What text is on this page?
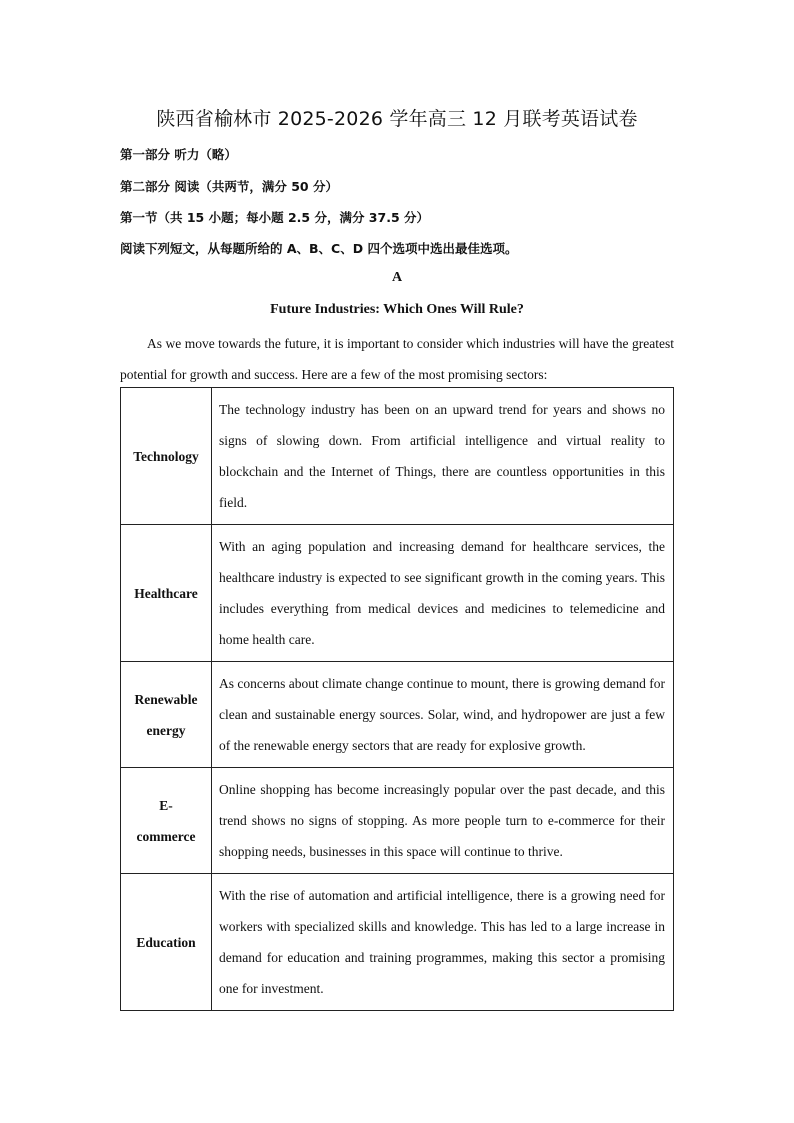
陕西省榆林市 2025-2026 学年高三 12 月联考英语试卷
第一部分 听力（略）
第二部分 阅读（共两节，满分 50 分）
第一节（共 15 小题；每小题 2.5 分，满分 37.5 分）
阅读下列短文，从每题所给的 A、B、C、D 四个选项中选出最佳选项。
A
Future Industries: Which Ones Will Rule?
As we move towards the future, it is important to consider which industries will have the greatest potential for growth and success. Here are a few of the most promising sectors:
Technology	The technology industry has been on an upward trend for years and shows no signs of slowing down. From artificial intelligence and virtual reality to blockchain and the Internet of Things, there are countless opportunities in this field.
Healthcare	With an aging population and increasing demand for healthcare services, the healthcare industry is expected to see significant growth in the coming years. This includes everything from medical devices and medicines to telemedicine and home health care.
Renewable
energy	As concerns about climate change continue to mount, there is growing demand for clean and sustainable energy sources. Solar, wind, and hydropower are just a few of the renewable energy sectors that are ready for explosive growth.
E-
commerce	Online shopping has become increasingly popular over the past decade, and this trend shows no signs of stopping. As more people turn to e-commerce for their shopping needs, businesses in this space will continue to thrive.
Education	With the rise of automation and artificial intelligence, there is a growing need for workers with specialized skills and knowledge. This has led to a large increase in demand for education and training programmes, making this sector a promising one for investment.
